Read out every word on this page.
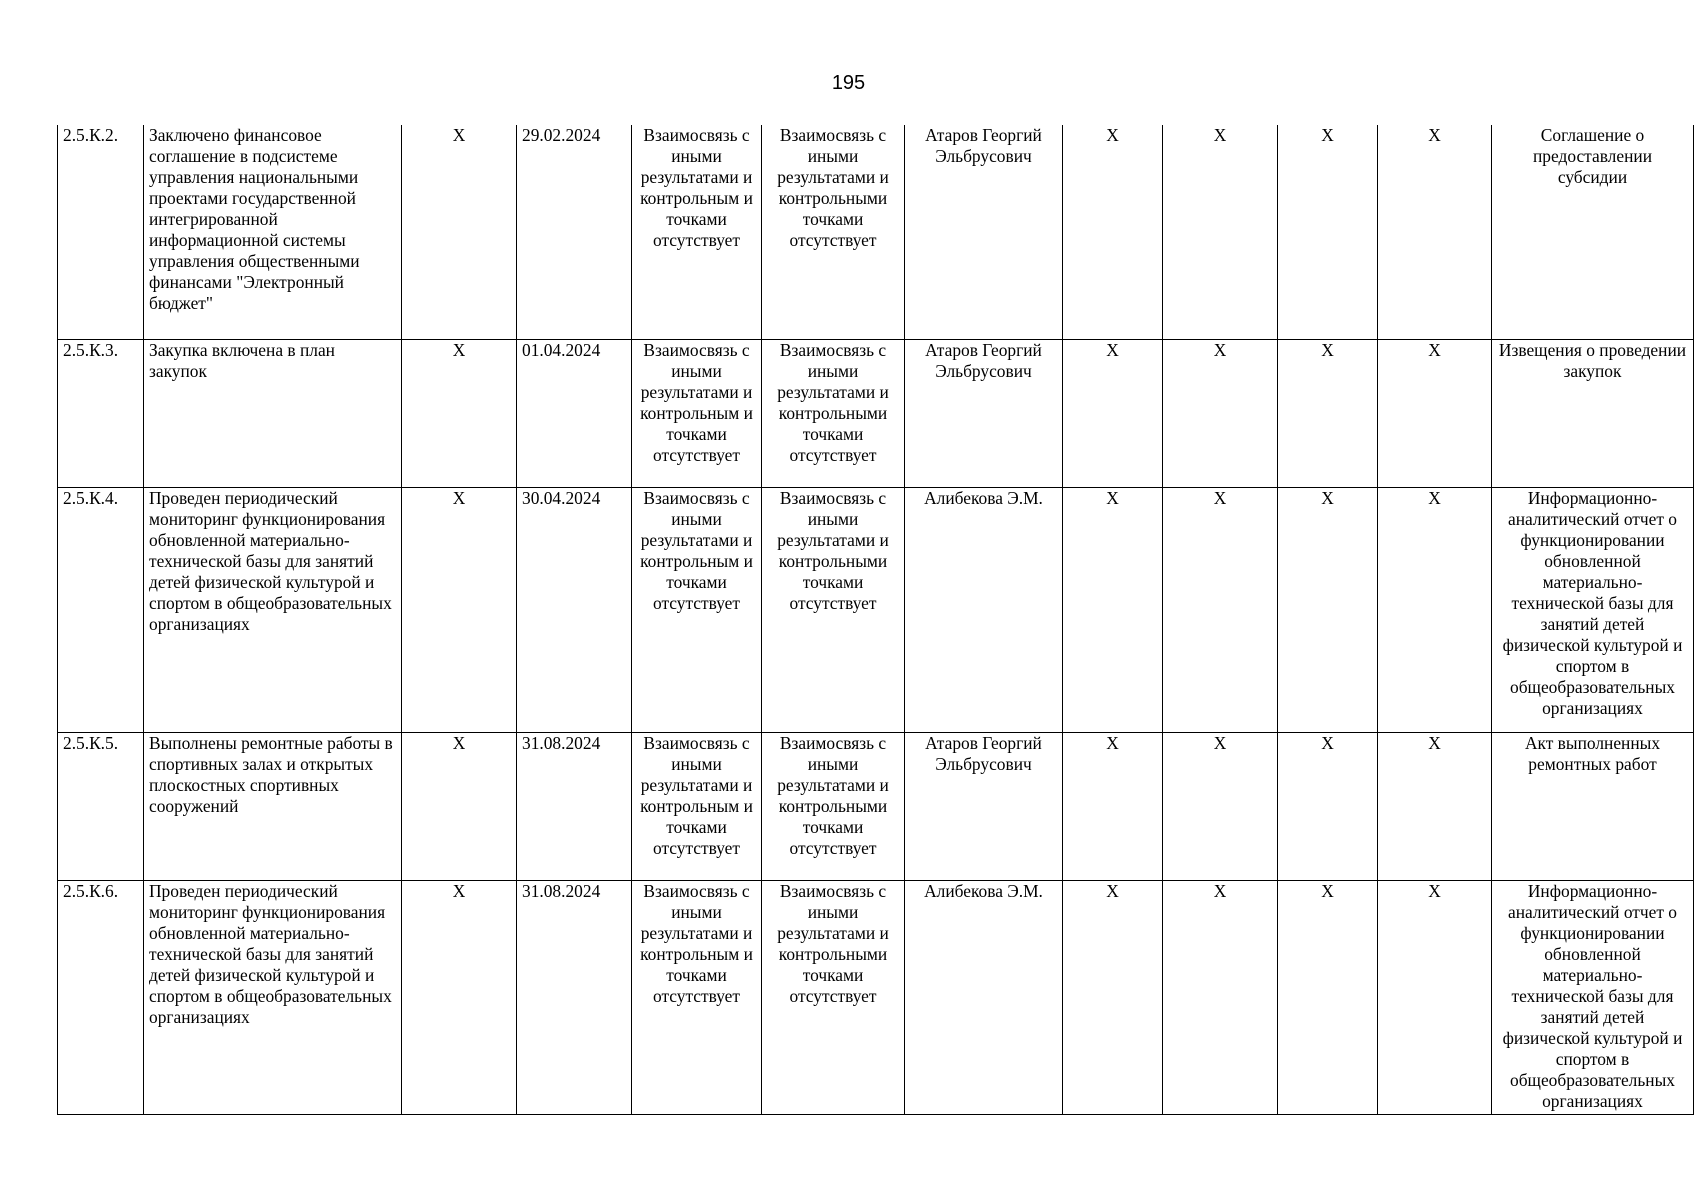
195
2.5.К.2.	Заключено финансовое соглашение в подсистеме управления национальными проектами государственной интегрированной информационной системы управления общественными финансами "Электронный бюджет"	X	29.02.2024	Взаимосвязь с иными результатами и контрольным и точками отсутствует	Взаимосвязь с иными результатами и контрольными точками отсутствует	Атаров Георгий Эльбрусович	X	X	X	X	Соглашение о предоставлении субсидии
2.5.К.3.	Закупка включена в план закупок	X	01.04.2024	Взаимосвязь с иными результатами и контрольным и точками отсутствует	Взаимосвязь с иными результатами и контрольными точками отсутствует	Атаров Георгий Эльбрусович	X	X	X	X	Извещения о проведении закупок
2.5.К.4.	Проведен периодический мониторинг функционирования обновленной материально-технической базы для занятий детей физической культурой и спортом в общеобразовательных организациях	X	30.04.2024	Взаимосвязь с иными результатами и контрольным и точками отсутствует	Взаимосвязь с иными результатами и контрольными точками отсутствует	Алибекова Э.М.	X	X	X	X	Информационно-аналитический отчет о функционировании обновленной материально-технической базы для занятий детей физической культурой и спортом в общеобразовательных организациях
2.5.К.5.	Выполнены ремонтные работы в спортивных залах и открытых плоскостных спортивных сооружений	X	31.08.2024	Взаимосвязь с иными результатами и контрольным и точками отсутствует	Взаимосвязь с иными результатами и контрольными точками отсутствует	Атаров Георгий Эльбрусович	X	X	X	X	Акт выполненных ремонтных работ
2.5.К.6.	Проведен периодический мониторинг функционирования обновленной материально-технической базы для занятий детей физической культурой и спортом в общеобразовательных организациях	X	31.08.2024	Взаимосвязь с иными результатами и контрольным и точками отсутствует	Взаимосвязь с иными результатами и контрольными точками отсутствует	Алибекова Э.М.	X	X	X	X	Информационно-аналитический отчет о функционировании обновленной материально-технической базы для занятий детей физической культурой и спортом в общеобразовательных организациях
